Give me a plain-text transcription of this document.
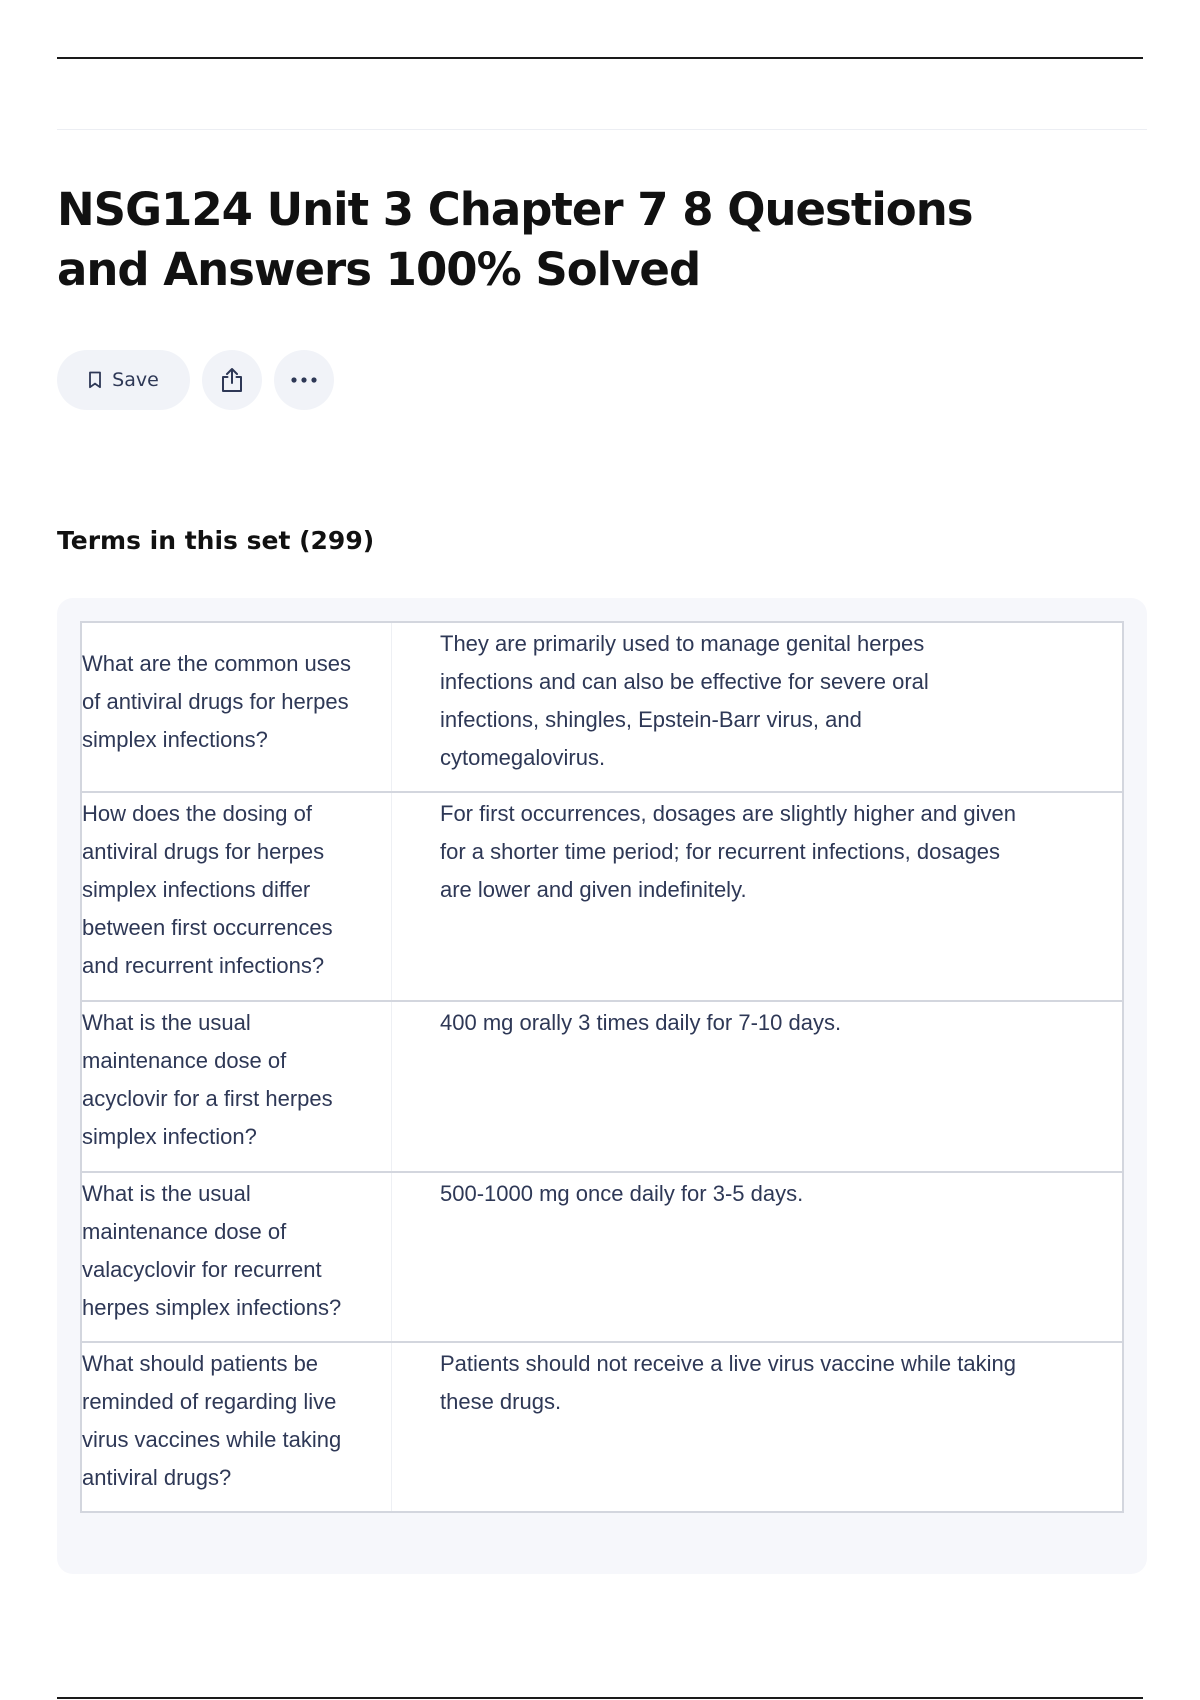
NSG124 Unit 3 Chapter 7 8 Questions and Answers 100% Solved
Save
Terms in this set (299)
What are the common uses of antiviral drugs for herpes simplex infections?
They are primarily used to manage genital herpes infections and can also be effective for severe oral infections, shingles, Epstein-Barr virus, and cytomegalovirus.
How does the dosing of antiviral drugs for herpes simplex infections differ between first occurrences and recurrent infections?
For first occurrences, dosages are slightly higher and given for a shorter time period; for recurrent infections, dosages are lower and given indefinitely.
What is the usual maintenance dose of acyclovir for a first herpes simplex infection?
400 mg orally 3 times daily for 7-10 days.
What is the usual maintenance dose of valacyclovir for recurrent herpes simplex infections?
500-1000 mg once daily for 3-5 days.
What should patients be reminded of regarding live virus vaccines while taking antiviral drugs?
Patients should not receive a live virus vaccine while taking these drugs.
